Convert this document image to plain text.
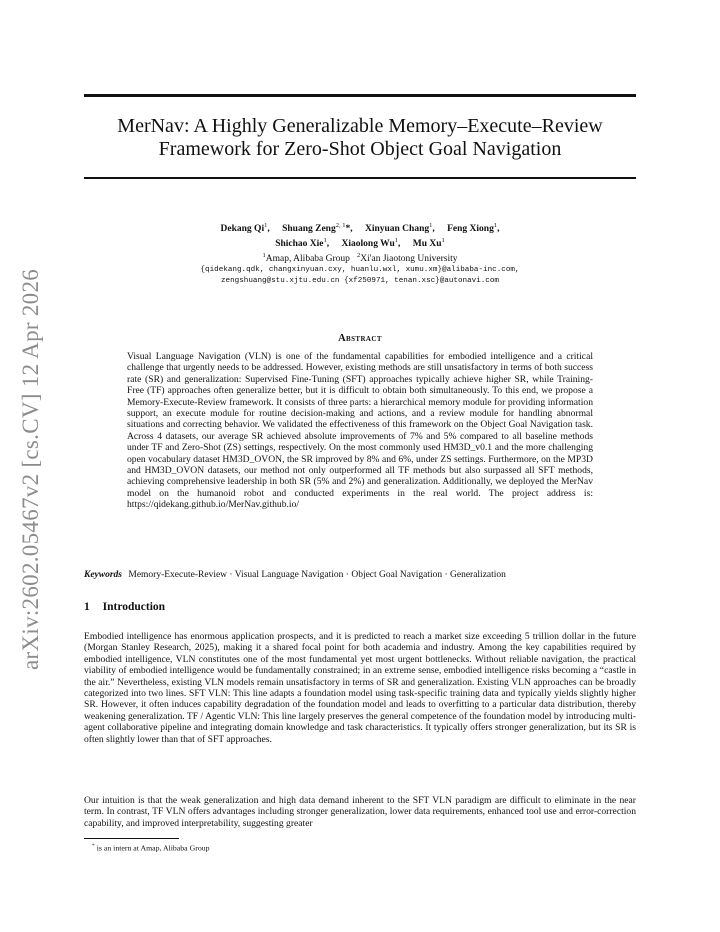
arXiv:2602.05467v2 [cs.CV] 12 Apr 2026
MerNav: A Highly Generalizable Memory–Execute–Review
Framework for Zero-Shot Object Goal Navigation
Dekang Qi$^1$, Shuang Zeng$^{2, 1}$*, Xinyuan Chang$^1$, Feng Xiong$^1$,
Shichao Xie$^1$, Xiaolong Wu$^1$, Mu Xu$^1$
$^1$Amap, Alibaba Group $^2$Xi'an Jiaotong University
{qidekang.qdk, changxinyuan.cxy, huanlu.wxl, xumu.xm}@alibaba-inc.com,
zengshuang@stu.xjtu.edu.cn {xf250971, tenan.xsc}@autonavi.com
Abstract

Visual Language Navigation (VLN) is one of the fundamental capabilities for embodied intelligence and a critical challenge that urgently needs to be addressed. However, existing methods are still unsatisfactory in terms of both success rate (SR) and generalization: Supervised Fine-Tuning (SFT) approaches typically achieve higher SR, while Training-Free (TF) approaches often generalize better, but it is difficult to obtain both simultaneously. To this end, we propose a Memory-Execute-Review framework. It consists of three parts: a hierarchical memory module for providing information support, an execute module for routine decision-making and actions, and a review module for handling abnormal situations and correcting behavior. We validated the effectiveness of this framework on the Object Goal Navigation task. Across 4 datasets, our average SR achieved absolute improvements of 7% and 5% compared to all baseline methods under TF and Zero-Shot (ZS) settings, respectively. On the most commonly used HM3D_v0.1 and the more challenging open vocabulary dataset HM3D_OVON, the SR improved by 8% and 6%, under ZS settings. Furthermore, on the MP3D and HM3D_OVON datasets, our method not only outperformed all TF methods but also surpassed all SFT methods, achieving comprehensive leadership in both SR (5% and 2%) and generalization. Additionally, we deployed the MerNav model on the humanoid robot and conducted experiments in the real world. The project address is: https://qidekang.github.io/MerNav.github.io/

Keywords Memory-Execute-Review · Visual Language Navigation · Object Goal Navigation · Generalization
1 Introduction

Embodied intelligence has enormous application prospects, and it is predicted to reach a market size exceeding 5 trillion dollar in the future (Morgan Stanley Research, 2025), making it a shared focal point for both academia and industry. Among the key capabilities required by embodied intelligence, VLN constitutes one of the most fundamental yet most urgent bottlenecks. Without reliable navigation, the practical viability of embodied intelligence would be fundamentally constrained; in an extreme sense, embodied intelligence risks becoming a “castle in the air.” Nevertheless, existing VLN models remain unsatisfactory in terms of SR and generalization. Existing VLN approaches can be broadly categorized into two lines. SFT VLN: This line adapts a foundation model using task-specific training data and typically yields slightly higher SR. However, it often induces capability degradation of the foundation model and leads to overfitting to a particular data distribution, thereby weakening generalization. TF / Agentic VLN: This line largely preserves the general competence of the foundation model by introducing multi-agent collaborative pipeline and integrating domain knowledge and task characteristics. It typically offers stronger generalization, but its SR is often slightly lower than that of SFT approaches.

Our intuition is that the weak generalization and high data demand inherent to the SFT VLN paradigm are difficult to eliminate in the near term. In contrast, TF VLN offers advantages including stronger generalization, lower data requirements, enhanced tool use and error-correction capability, and improved interpretability, suggesting greater

* is an intern at Amap, Alibaba Group
